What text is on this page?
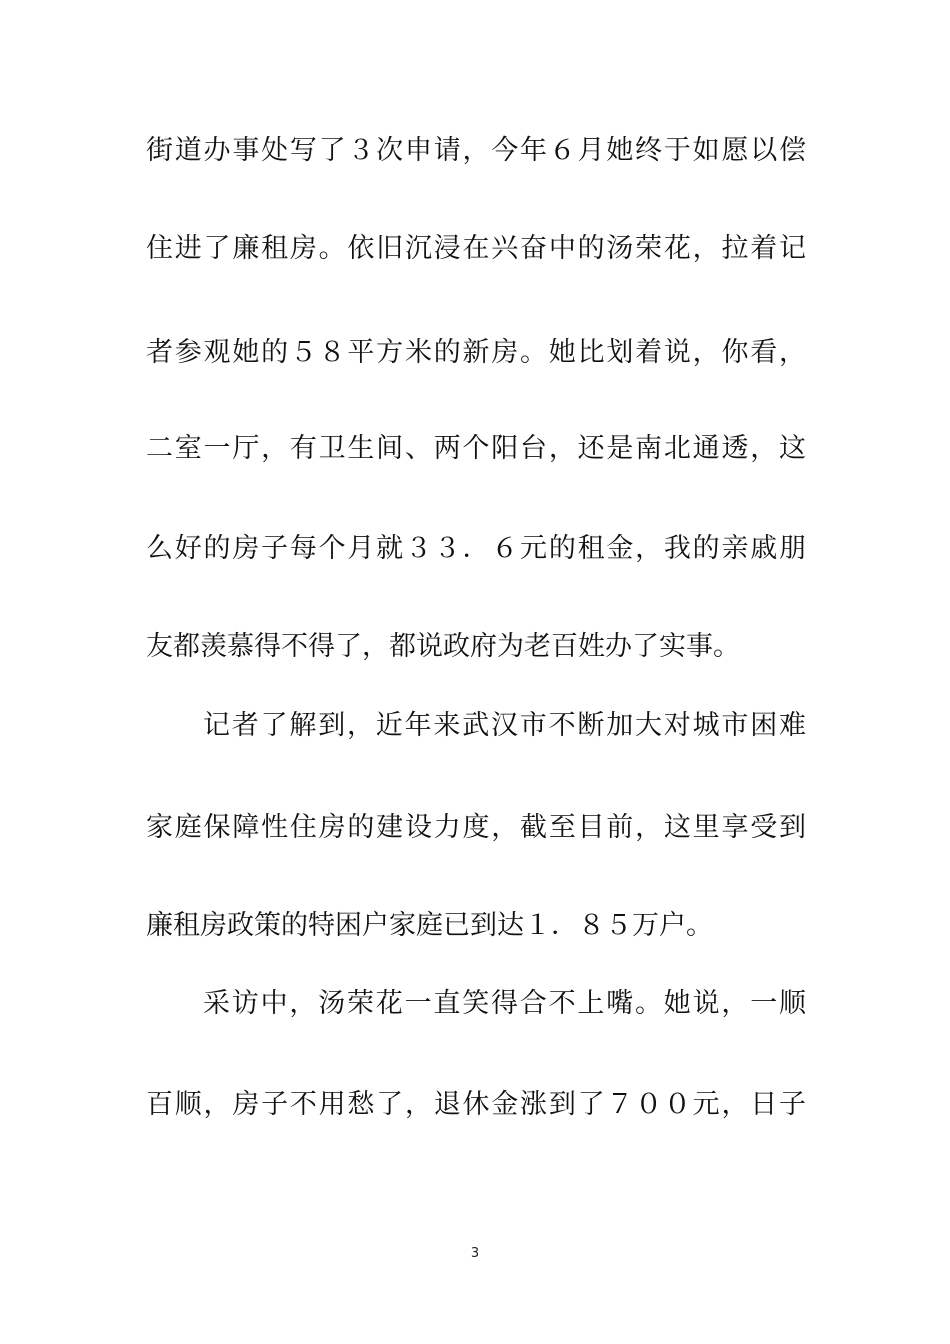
街道办事处写了３次申请，今年６月她终于如愿以偿
住进了廉租房。依旧沉浸在兴奋中的汤荣花，拉着记
者参观她的５８平方米的新房。她比划着说，你看，
二室一厅，有卫生间、两个阳台，还是南北通透，这
么好的房子每个月就３３．６元的租金，我的亲戚朋
友都羡慕得不得了，都说政府为老百姓办了实事。
记者了解到，近年来武汉市不断加大对城市困难
家庭保障性住房的建设力度，截至目前，这里享受到
廉租房政策的特困户家庭已到达１．８５万户。
采访中，汤荣花一直笑得合不上嘴。她说，一顺
百顺，房子不用愁了，退休金涨到了７００元，日子
3
